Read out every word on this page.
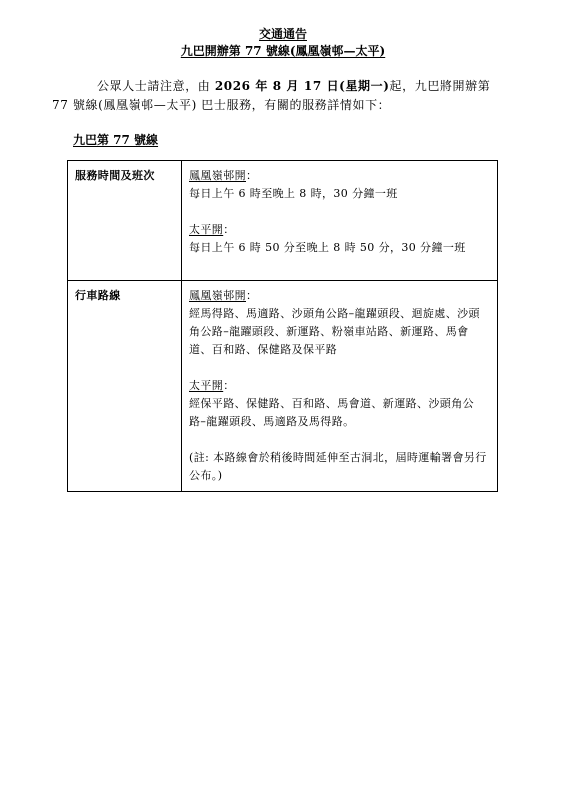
交通通告
九巴開辦第 77 號線(鳳凰嶺邨—太平)

公眾人士請注意，由 2026 年 8 月 17 日(星期一)起，九巴將開辦第

77 號線(鳳凰嶺邨—太平) 巴士服務，有關的服務詳情如下：

九巴第 77 號線
服務時間及班次	鳳凰嶺邨開：
每日上午 6 時至晚上 8 時，30 分鐘一班
太平開：
每日上午 6 時 50 分至晚上 8 時 50 分，30 分鐘一班

行車路線	鳳凰嶺邨開：
經馬得路、馬適路、沙頭角公路–龍躍頭段、迴旋處、沙頭角公路–龍躍頭段、新運路、粉嶺車站路、新運路、馬會道、百和路、保健路及保平路
太平開：
經保平路、保健路、百和路、馬會道、新運路、沙頭角公路–龍躍頭段、馬適路及馬得路。
(註: 本路線會於稍後時間延伸至古洞北，屆時運輸署會另行公布。)
